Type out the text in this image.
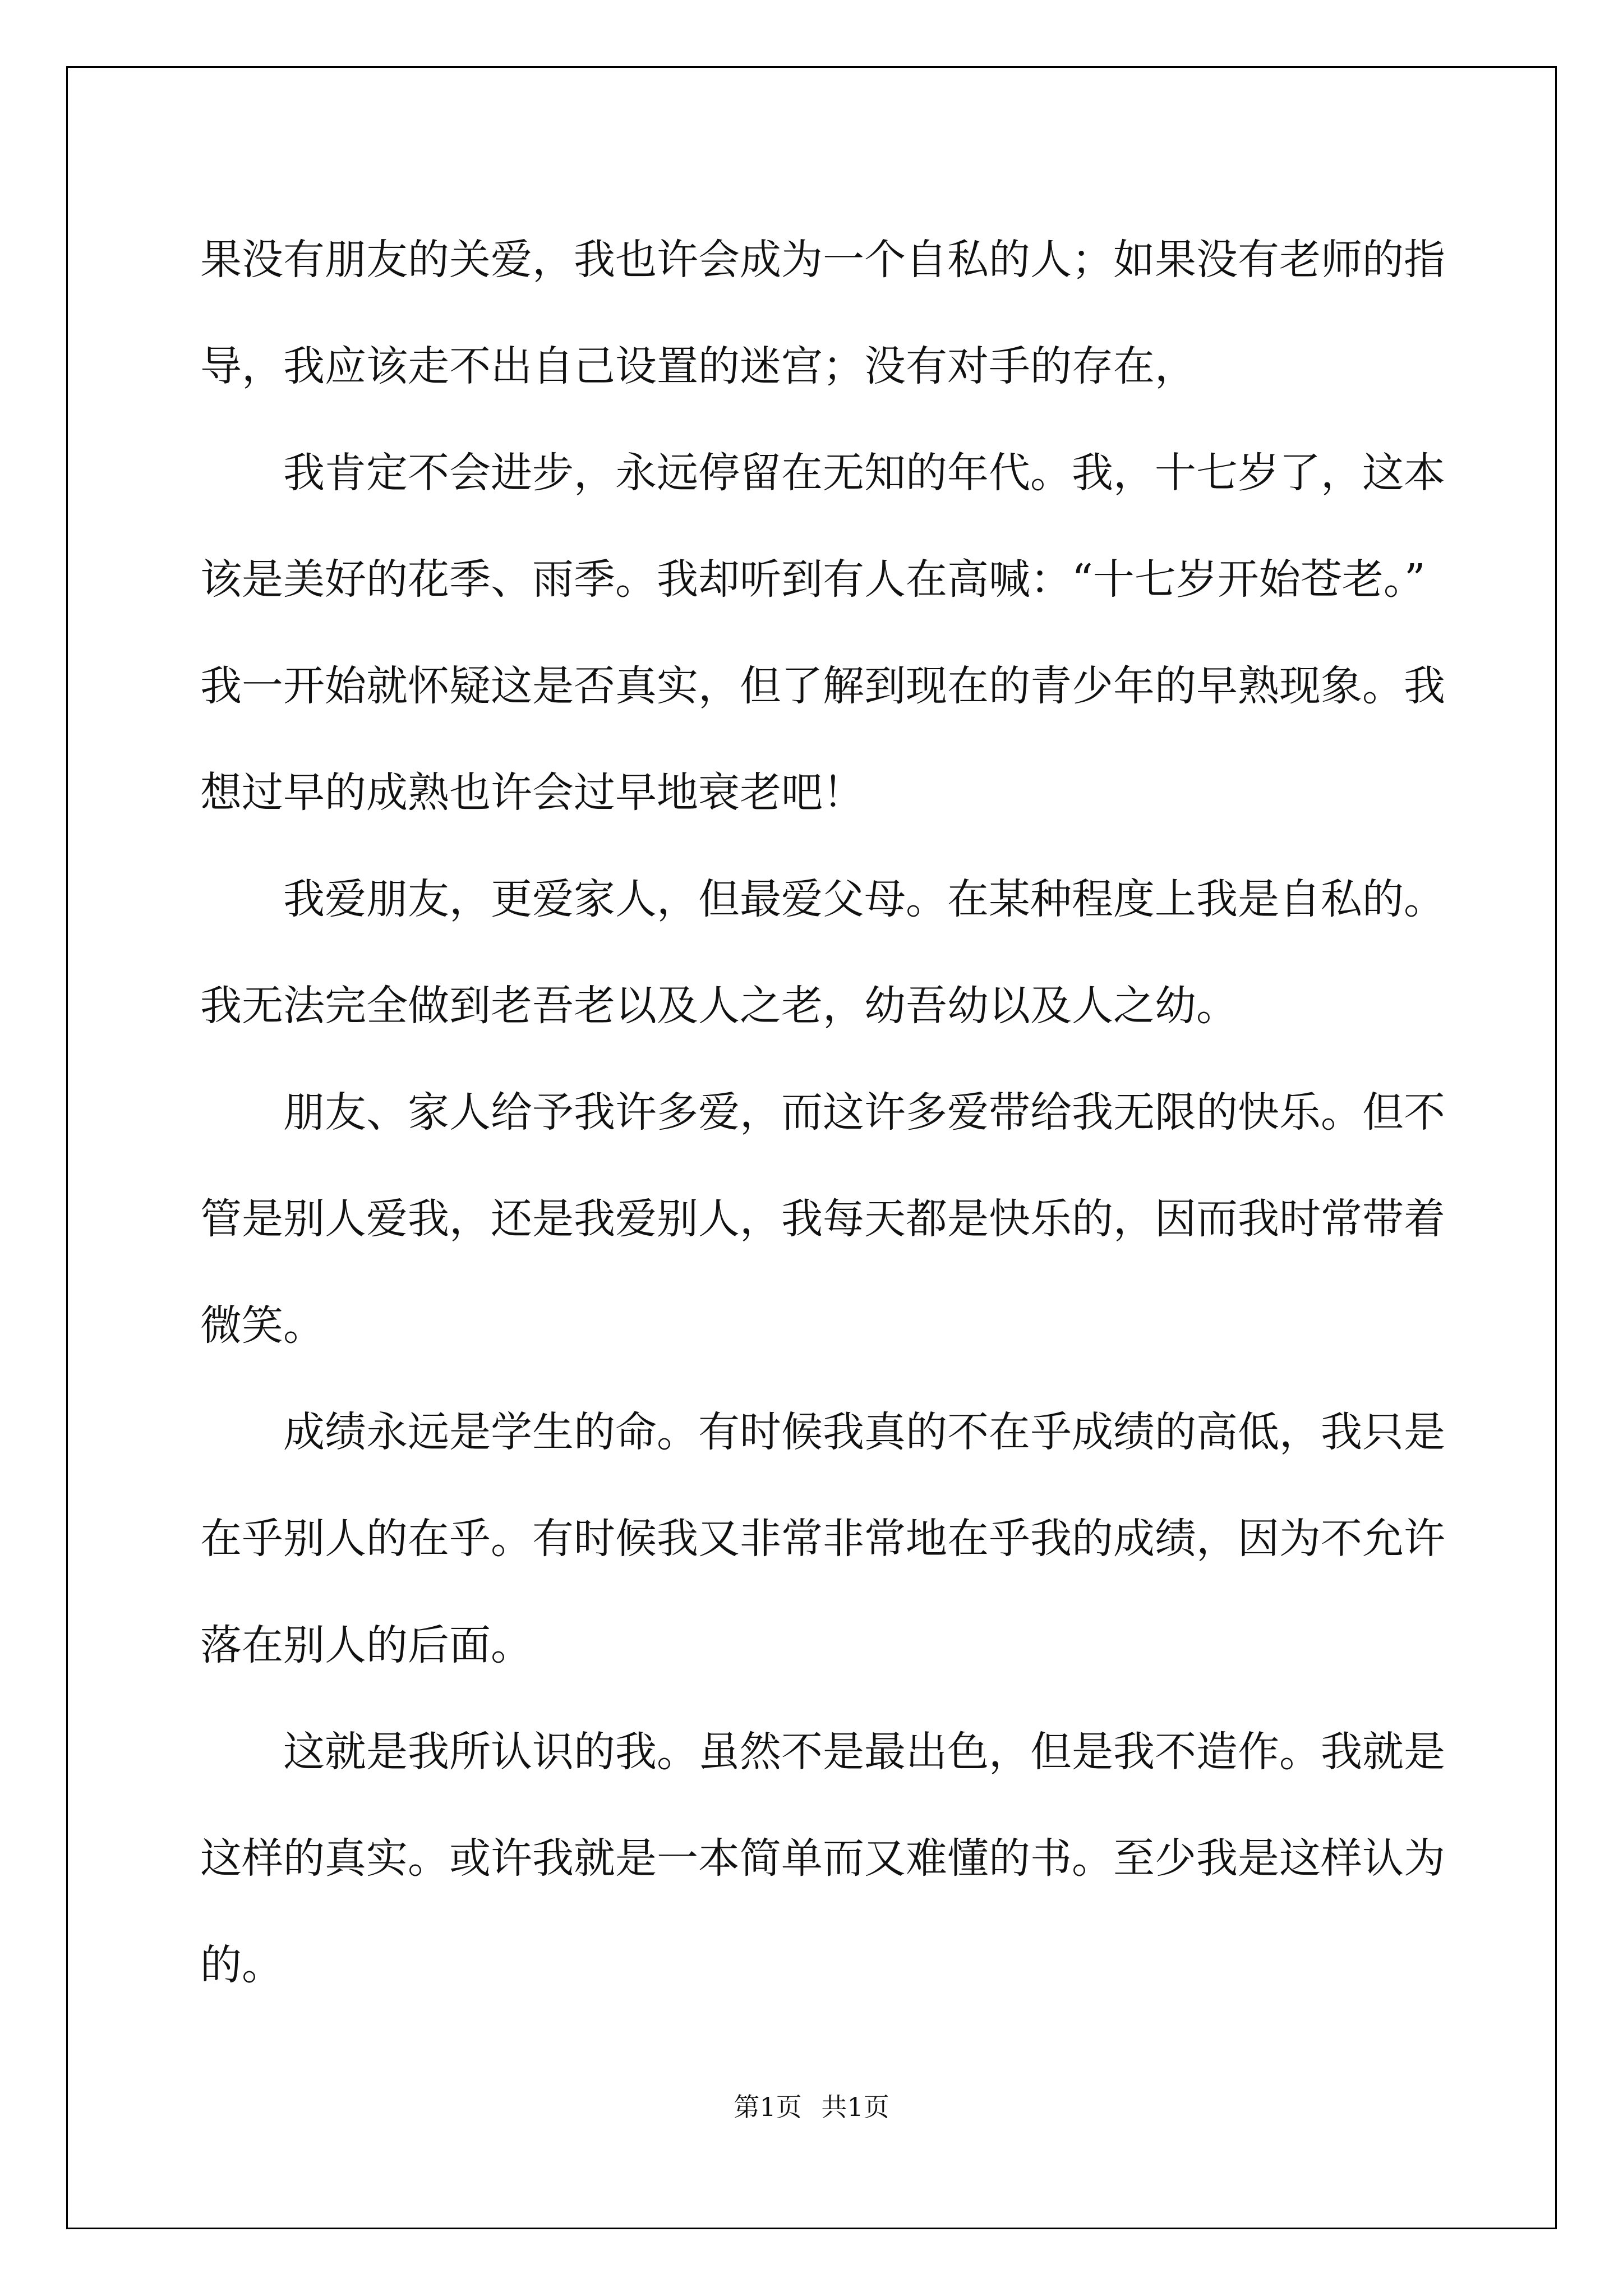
果没有朋友的关爱，我也许会成为一个自私的人；如果没有老师的指
导，我应该走不出自己设置的迷宫；没有对手的存在，
我肯定不会进步，永远停留在无知的年代。我，十七岁了，这本
该是美好的花季、雨季。我却听到有人在高喊：“十七岁开始苍老。”
我一开始就怀疑这是否真实，但了解到现在的青少年的早熟现象。我
想过早的成熟也许会过早地衰老吧！
我爱朋友，更爱家人，但最爱父母。在某种程度上我是自私的。
我无法完全做到老吾老以及人之老，幼吾幼以及人之幼。
朋友、家人给予我许多爱，而这许多爱带给我无限的快乐。但不
管是别人爱我，还是我爱别人，我每天都是快乐的，因而我时常带着
微笑。
成绩永远是学生的命。有时候我真的不在乎成绩的高低，我只是
在乎别人的在乎。有时候我又非常非常地在乎我的成绩，因为不允许
落在别人的后面。
这就是我所认识的我。虽然不是最出色，但是我不造作。我就是
这样的真实。或许我就是一本简单而又难懂的书。至少我是这样认为
的。
第1页 共1页
